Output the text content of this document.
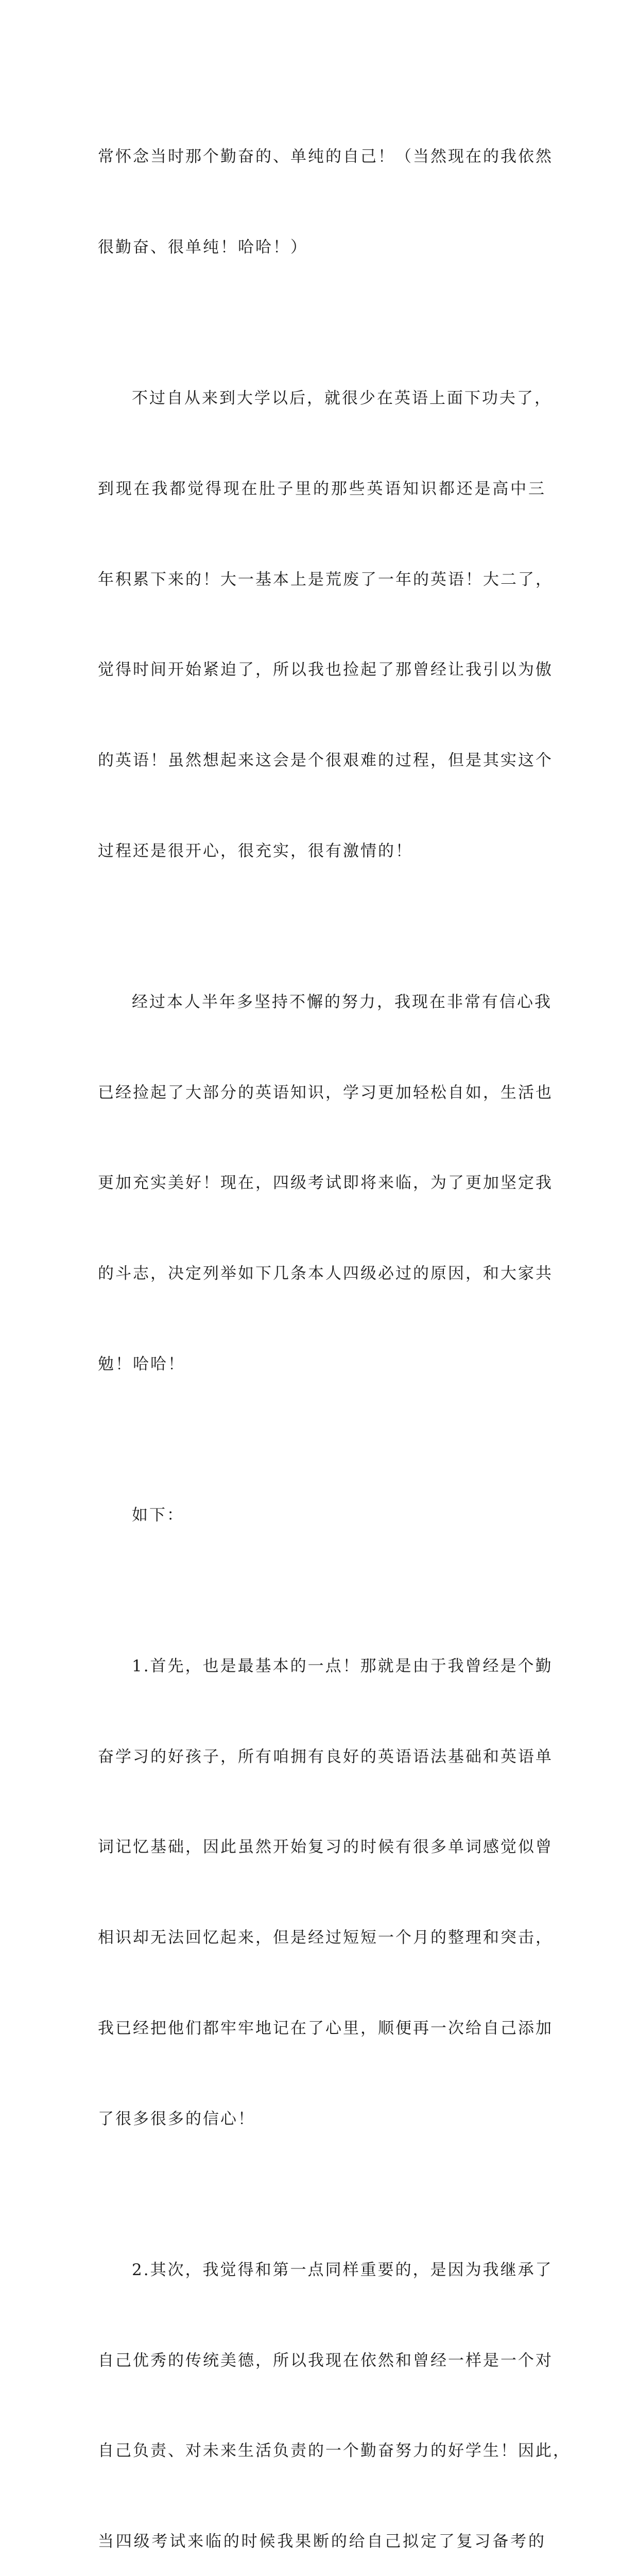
常怀念当时那个勤奋的、单纯的自己！（当然现在的我依然

很勤奋、很单纯！哈哈！）

不过自从来到大学以后，就很少在英语上面下功夫了，

到现在我都觉得现在肚子里的那些英语知识都还是高中三

年积累下来的！大一基本上是荒废了一年的英语！大二了，

觉得时间开始紧迫了，所以我也捡起了那曾经让我引以为傲

的英语！虽然想起来这会是个很艰难的过程，但是其实这个

过程还是很开心，很充实，很有激情的！

经过本人半年多坚持不懈的努力，我现在非常有信心我

已经捡起了大部分的英语知识，学习更加轻松自如，生活也

更加充实美好！现在，四级考试即将来临，为了更加坚定我

的斗志，决定列举如下几条本人四级必过的原因，和大家共

勉！哈哈！

如下：

1.首先，也是最基本的一点！那就是由于我曾经是个勤

奋学习的好孩子，所有咱拥有良好的英语语法基础和英语单

词记忆基础，因此虽然开始复习的时候有很多单词感觉似曾

相识却无法回忆起来，但是经过短短一个月的整理和突击，

我已经把他们都牢牢地记在了心里，顺便再一次给自己添加

了很多很多的信心！

2.其次，我觉得和第一点同样重要的，是因为我继承了

自己优秀的传统美德，所以我现在依然和曾经一样是一个对

自己负责、对未来生活负责的一个勤奋努力的好学生！因此，

当四级考试来临的时候我果断的给自己拟定了复习备考的
